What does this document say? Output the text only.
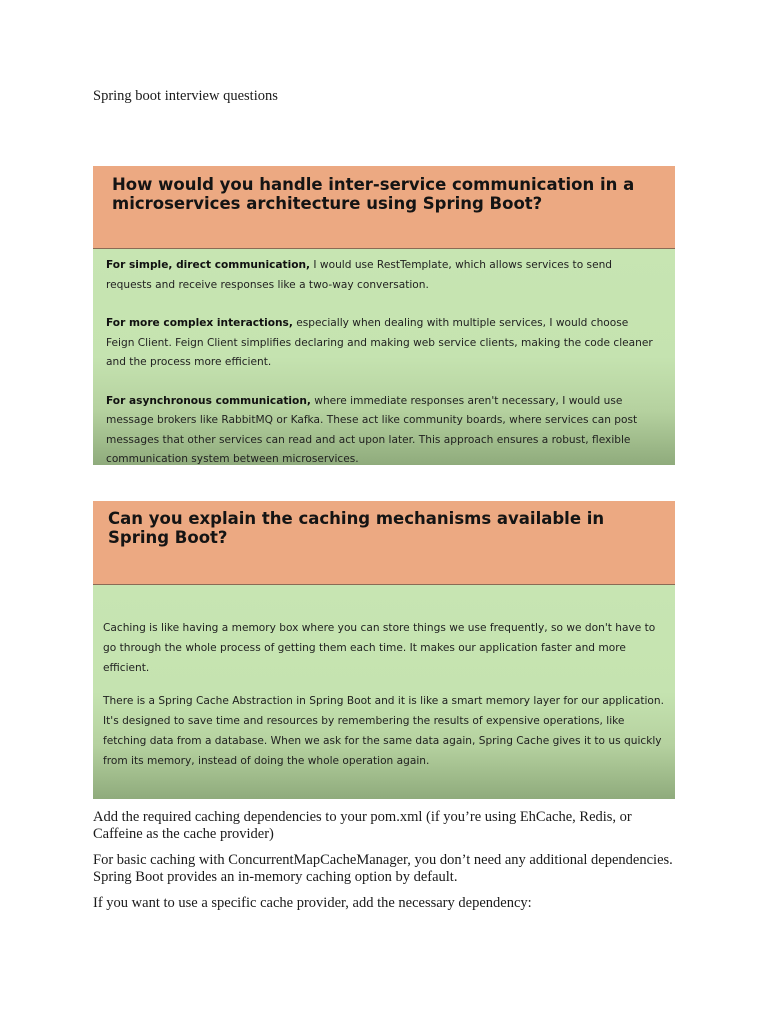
Spring boot interview questions
How would you handle inter-service communication in a microservices architecture using Spring Boot?

For simple, direct communication, I would use RestTemplate, which allows services to send requests and receive responses like a two-way conversation.

For more complex interactions, especially when dealing with multiple services, I would choose Feign Client. Feign Client simplifies declaring and making web service clients, making the code cleaner and the process more efficient.

For asynchronous communication, where immediate responses aren't necessary, I would use message brokers like RabbitMQ or Kafka. These act like community boards, where services can post messages that other services can read and act upon later. This approach ensures a robust, flexible communication system between microservices.

Can you explain the caching mechanisms available in Spring Boot?

Caching is like having a memory box where you can store things we use frequently, so we don't have to go through the whole process of getting them each time. It makes our application faster and more efficient.

There is a Spring Cache Abstraction in Spring Boot and it is like a smart memory layer for our application. It's designed to save time and resources by remembering the results of expensive operations, like fetching data from a database. When we ask for the same data again, Spring Cache gives it to us quickly from its memory, instead of doing the whole operation again.

Add the required caching dependencies to your pom.xml (if you’re using EhCache, Redis, or Caffeine as the cache provider)

For basic caching with ConcurrentMapCacheManager, you don’t need any additional dependencies. Spring Boot provides an in-memory caching option by default.

If you want to use a specific cache provider, add the necessary dependency:
